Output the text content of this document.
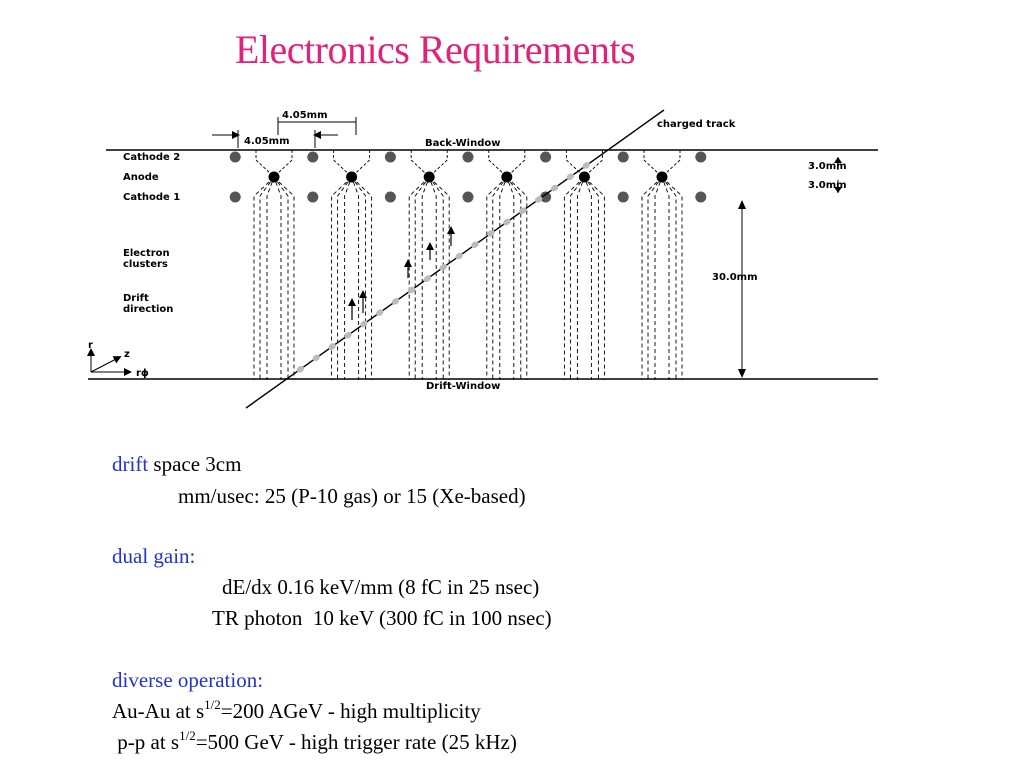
Electronics Requirements
4.05mm
4.05mm
charged track
Back-Window
Cathode 2
Anode
Cathode 1
Electron
clusters
Drift
direction
3.0mm
3.0mm
30.0mm
Drift-Window
r
z
rϕ
drift space 3cm
mm/usec: 25 (P-10 gas) or 15 (Xe-based)
dual gain:
dE/dx 0.16 keV/mm (8 fC in 25 nsec)
TR photon  10 keV (300 fC in 100 nsec)
diverse operation:
Au-Au at $s^{1/2}=200$ AGeV - high multiplicity
p-p at $s^{1/2}=500$ GeV - high trigger rate (25 kHz)
